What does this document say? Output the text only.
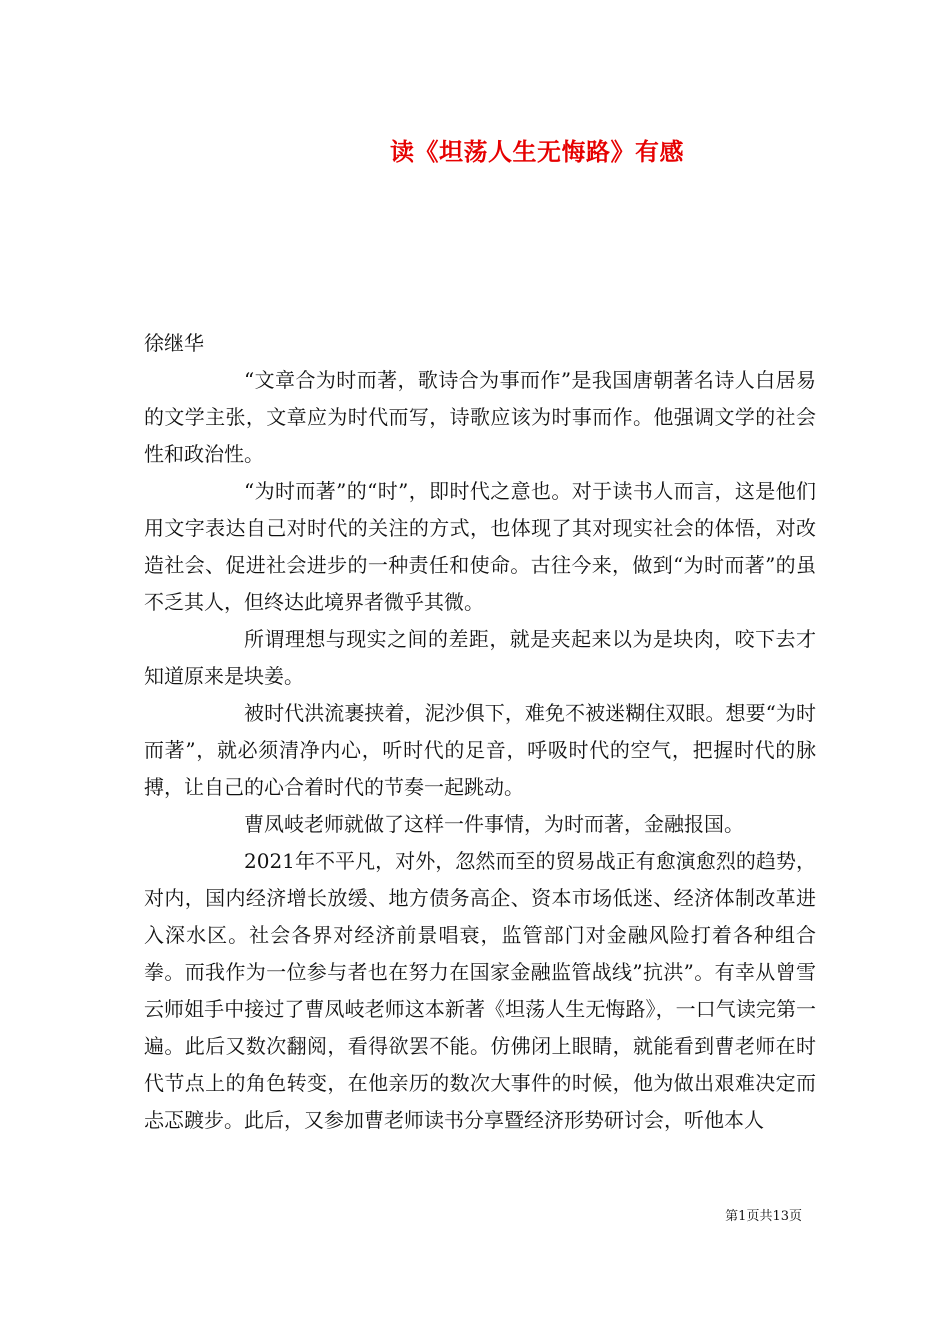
读《坦荡人生无悔路》有感

徐继华

“文章合为时而著，歌诗合为事而作”是我国唐朝著名诗人白居易的文学主张，文章应为时代而写，诗歌应该为时事而作。他强调文学的社会性和政治性。

“为时而著”的“时”，即时代之意也。对于读书人而言，这是他们用文字表达自己对时代的关注的方式，也体现了其对现实社会的体悟，对改造社会、促进社会进步的一种责任和使命。古往今来，做到“为时而著”的虽不乏其人，但终达此境界者微乎其微。

所谓理想与现实之间的差距，就是夹起来以为是块肉，咬下去才知道原来是块姜。

被时代洪流裹挟着，泥沙俱下，难免不被迷糊住双眼。想要“为时而著”，就必须清净内心，听时代的足音，呼吸时代的空气，把握时代的脉搏，让自己的心合着时代的节奏一起跳动。

曹凤岐老师就做了这样一件事情，为时而著，金融报国。

2021年不平凡，对外，忽然而至的贸易战正有愈演愈烈的趋势，对内，国内经济增长放缓、地方债务高企、资本市场低迷、经济体制改革进入深水区。社会各界对经济前景唱衰，监管部门对金融风险打着各种组合拳。而我作为一位参与者也在努力在国家金融监管战线”抗洪”。有幸从曾雪云师姐手中接过了曹凤岐老师这本新著《坦荡人生无悔路》，一口气读完第一遍。此后又数次翻阅，看得欲罢不能。仿佛闭上眼睛，就能看到曹老师在时代节点上的角色转变，在他亲历的数次大事件的时候，他为做出艰难决定而忐忑踱步。此后，又参加曹老师读书分享暨经济形势研讨会，听他本人

第1页共13页
